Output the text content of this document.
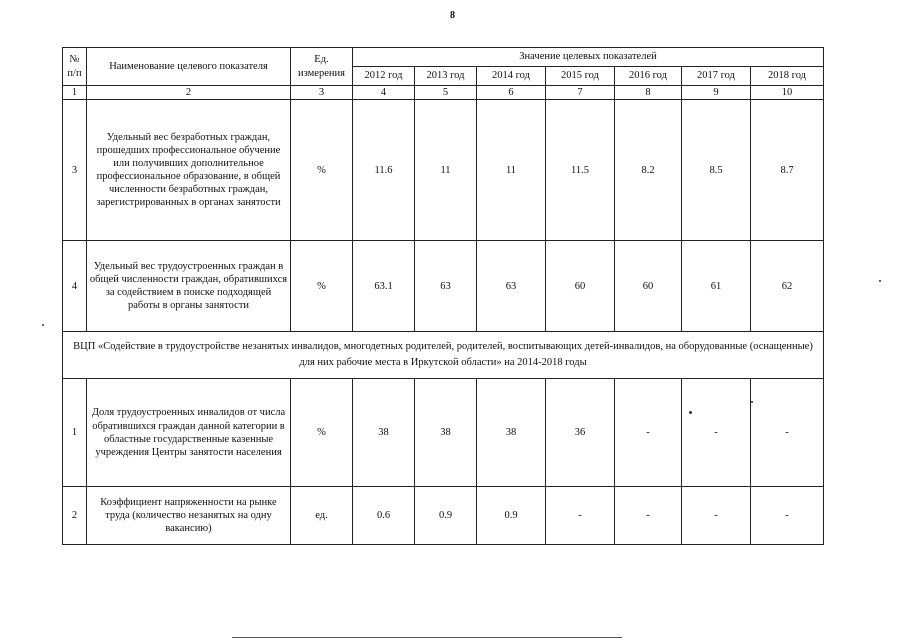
8
№ п/п	Наименование целевого показателя	Ед. измерения	Значение целевых показателей						
			2012 год	2013 год	2014 год	2015 год	2016 год	2017 год	2018 год
1	2	3	4	5	6	7	8	9	10
3	Удельный вес безработных граждан, прошедших профессиональное обучение или получивших дополнительное профессиональное образование, в общей численности безработных граждан, зарегистрированных в органах занятости	%	11.6	11	11	11.5	8.2	8.5	8.7
4	Удельный вес трудоустроенных граждан в общей численности граждан, обратившихся за содействием в поиске подходящей работы в органы занятости	%	63.1	63	63	60	60	61	62
ВЦП «Содействие в трудоустройстве незанятых инвалидов, многодетных родителей, родителей, воспитывающих детей-инвалидов, на оборудованные (оснащенные) для них рабочие места в Иркутской области» на 2014-2018 годы									
1	Доля трудоустроенных инвалидов от числа обратившихся граждан данной категории в областные государственные казенные учреждения Центры занятости населения	%	38	38	38	36	-	-	-
2	Коэффициент напряженности на рынке труда (количество незанятых на одну вакансию)	ед.	0.6	0.9	0.9	-	-	-	-
